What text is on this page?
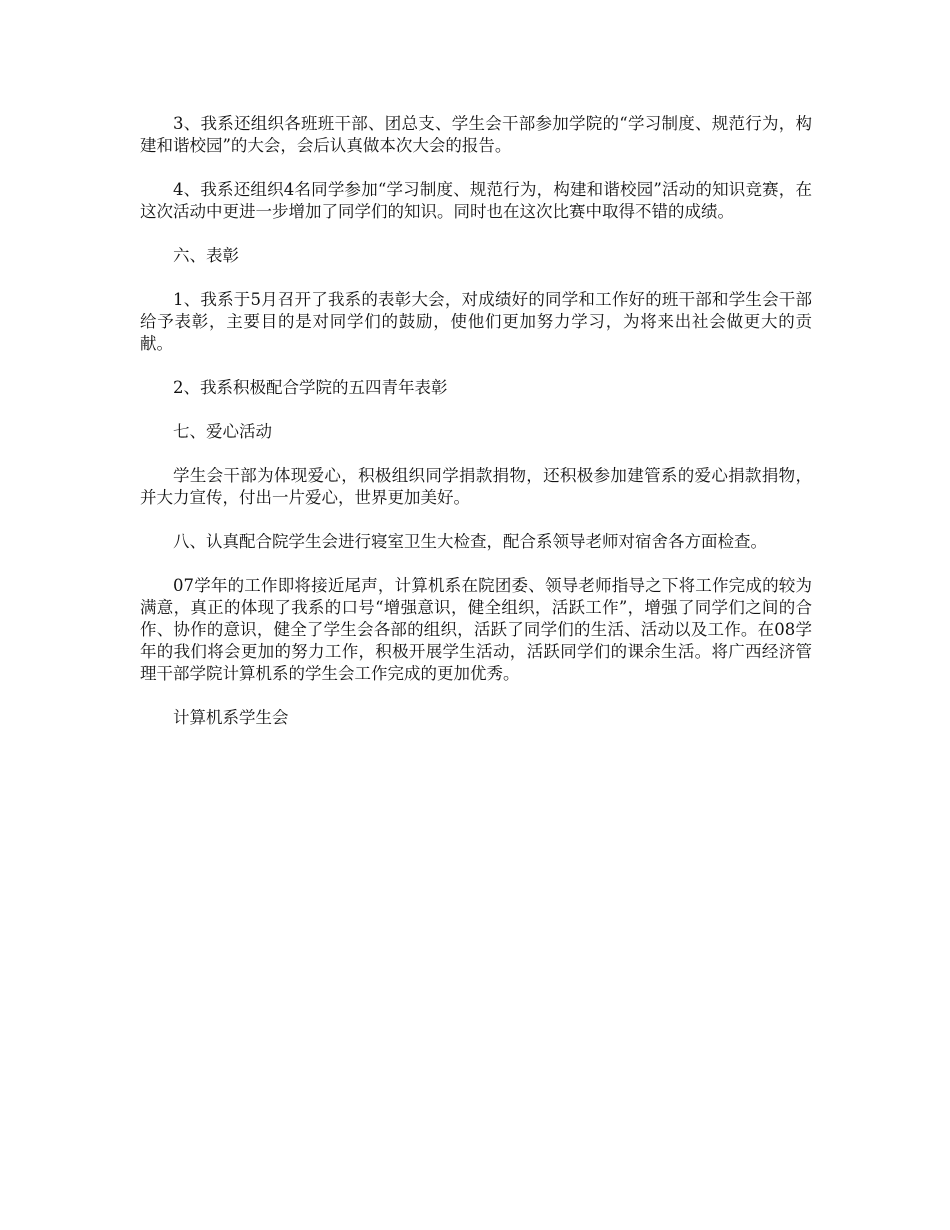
3、我系还组织各班班干部、团总支、学生会干部参加学院的“学习制度、规范行为，构建和谐校园”的大会，会后认真做本次大会的报告。

4、我系还组织4名同学参加“学习制度、规范行为，构建和谐校园”活动的知识竞赛，在这次活动中更进一步增加了同学们的知识。同时也在这次比赛中取得不错的成绩。

六、表彰

1、我系于5月召开了我系的表彰大会，对成绩好的同学和工作好的班干部和学生会干部给予表彰，主要目的是对同学们的鼓励，使他们更加努力学习，为将来出社会做更大的贡献。

2、我系积极配合学院的五四青年表彰

七、爱心活动

学生会干部为体现爱心，积极组织同学捐款捐物，还积极参加建管系的爱心捐款捐物，并大力宣传，付出一片爱心，世界更加美好。

八、认真配合院学生会进行寝室卫生大检查，配合系领导老师对宿舍各方面检查。

07学年的工作即将接近尾声，计算机系在院团委、领导老师指导之下将工作完成的较为满意，真正的体现了我系的口号“增强意识，健全组织，活跃工作”，增强了同学们之间的合作、协作的意识，健全了学生会各部的组织，活跃了同学们的生活、活动以及工作。在08学年的我们将会更加的努力工作，积极开展学生活动，活跃同学们的课余生活。将广西经济管理干部学院计算机系的学生会工作完成的更加优秀。

计算机系学生会
